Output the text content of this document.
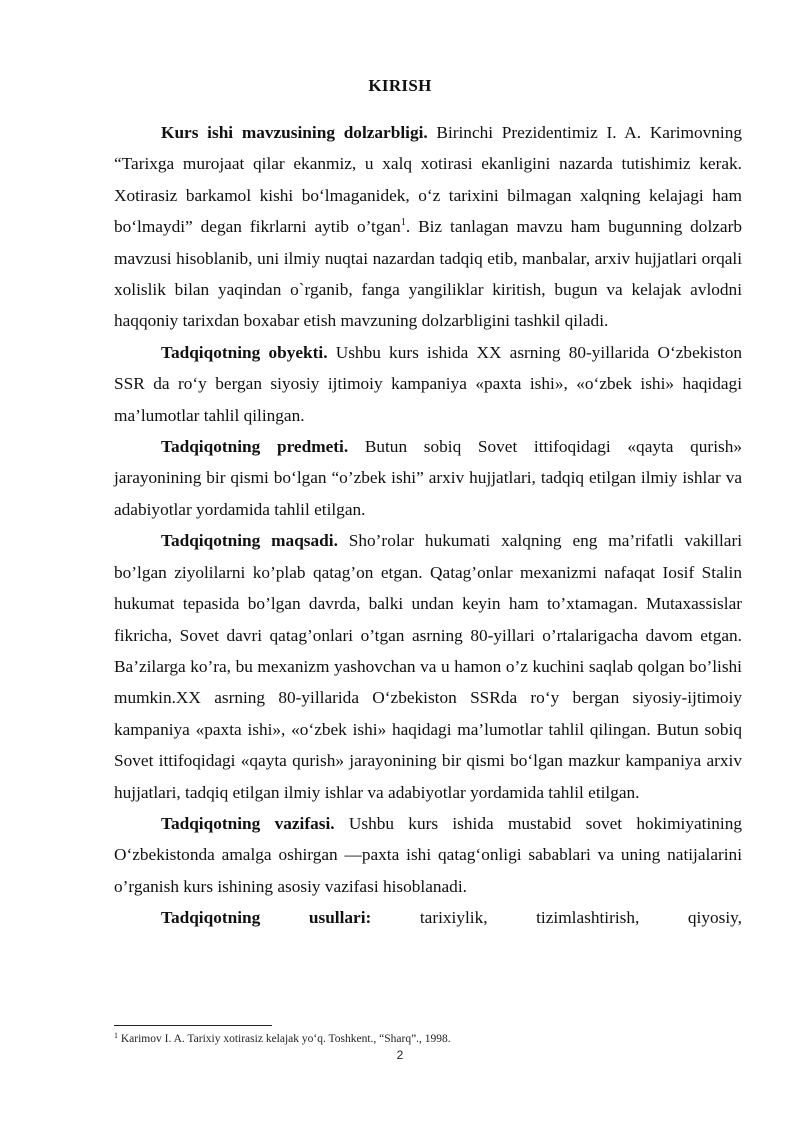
KIRISH

Kurs ishi mavzusining dolzarbligi. Birinchi Prezidentimiz I. A. Karimovning “Tarixga murojaat qilar ekanmiz, u xalq xotirasi ekanligini nazarda tutishimiz kerak. Xotirasiz barkamol kishi bo‘lmaganidek, o‘z tarixini bilmagan xalqning kelajagi ham bo‘lmaydi” degan fikrlarni aytib o’tgan$^1$. Biz tanlagan mavzu ham bugunning dolzarb mavzusi hisoblanib, uni ilmiy nuqtai nazardan tadqiq etib, manbalar, arxiv hujjatlari orqali xolislik bilan yaqindan o`rganib, fanga yangiliklar kiritish, bugun va kelajak avlodni haqqoniy tarixdan boxabar etish mavzuning dolzarbligini tashkil qiladi.

Tadqiqotning obyekti. Ushbu kurs ishida XX asrning 80-yillarida O‘zbekiston SSR da ro‘y bergan siyosiy ijtimoiy kampaniya «paxta ishi», «o‘zbek ishi» haqidagi ma’lumotlar tahlil qilingan.

Tadqiqotning predmeti. Butun sobiq Sovet ittifoqidagi «qayta qurish» jarayonining bir qismi bo‘lgan “o’zbek ishi” arxiv hujjatlari, tadqiq etilgan ilmiy ishlar va adabiyotlar yordamida tahlil etilgan.

Tadqiqotning maqsadi. Sho’rolar hukumati xalqning eng ma’rifatli vakillari bo’lgan ziyolilarni ko’plab qatag’on etgan. Qatag’onlar mexanizmi nafaqat Iosif Stalin hukumat tepasida bo’lgan davrda, balki undan keyin ham to’xtamagan. Mutaxassislar fikricha, Sovet davri qatag’onlari o’tgan asrning 80-yillari o’rtalarigacha davom etgan. Ba’zilarga ko’ra, bu mexanizm yashovchan va u hamon o’z kuchini saqlab qolgan bo’lishi mumkin.XX asrning 80-yillarida O‘zbekiston SSRda ro‘y bergan siyosiy-ijtimoiy kampaniya «paxta ishi», «o‘zbek ishi» haqidagi ma’lumotlar tahlil qilingan. Butun sobiq Sovet ittifoqidagi «qayta qurish» jarayonining bir qismi bo‘lgan mazkur kampaniya arxiv hujjatlari, tadqiq etilgan ilmiy ishlar va adabiyotlar yordamida tahlil etilgan.

Tadqiqotning vazifasi. Ushbu kurs ishida mustabid sovet hokimiyatining O‘zbekistonda amalga oshirgan —paxta ishi qatag‘onligi sabablari va uning natijalarini o’rganish kurs ishining asosiy vazifasi hisoblanadi.

Tadqiqotning	usullari:	tarixiylik,	tizimlashtirish,	qiyosiy,

$^1$ Karimov I. A. Tarixiy xotirasiz kelajak yo‘q. Toshkent., “Sharq”., 1998.
2
